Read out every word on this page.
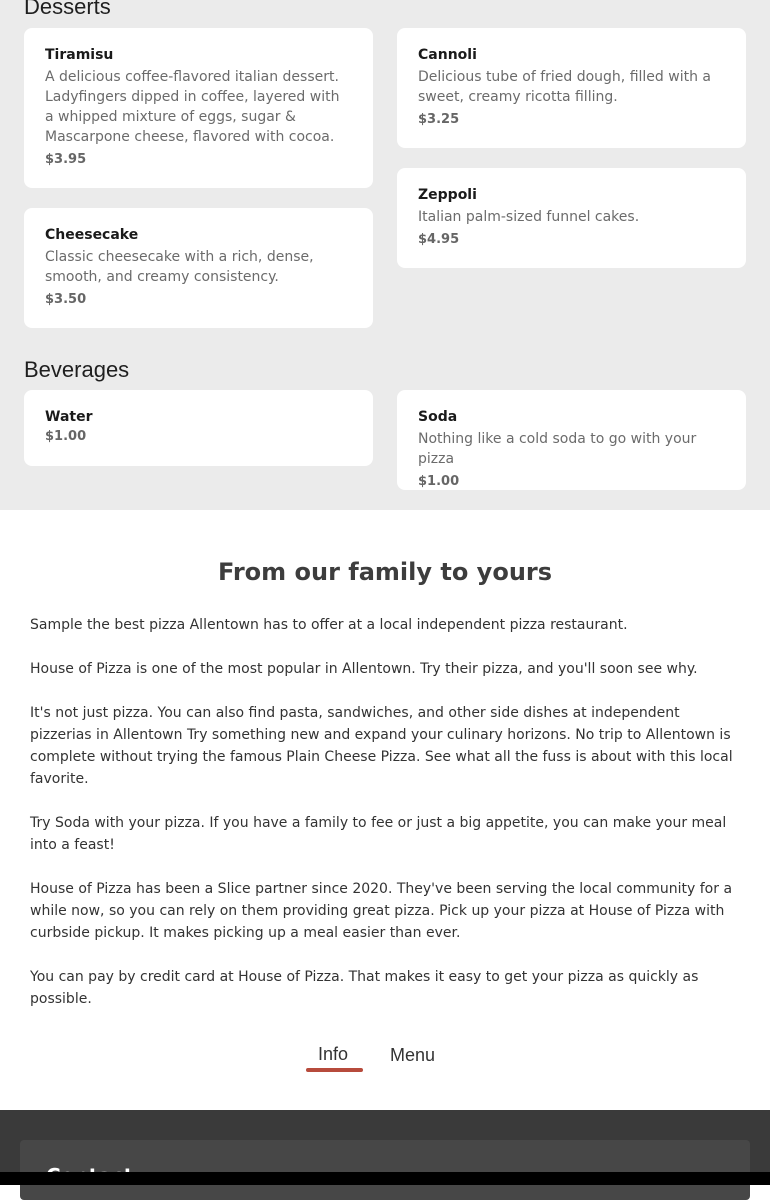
Desserts
Tiramisu
A delicious coffee-flavored italian dessert. Ladyfingers dipped in coffee, layered with a whipped mixture of eggs, sugar & Mascarpone cheese, flavored with cocoa.
$3.95
Cannoli
Delicious tube of fried dough, filled with a sweet, creamy ricotta filling.
$3.25
Zeppoli
Italian palm-sized funnel cakes.
$4.95
Cheesecake
Classic cheesecake with a rich, dense, smooth, and creamy consistency.
$3.50
Beverages
Water
$1.00
Soda
Nothing like a cold soda to go with your pizza
$1.00
From our family to yours

Sample the best pizza Allentown has to offer at a local independent pizza restaurant.

House of Pizza is one of the most popular in Allentown. Try their pizza, and you'll soon see why.

It's not just pizza. You can also find pasta, sandwiches, and other side dishes at independent pizzerias in Allentown Try something new and expand your culinary horizons. No trip to Allentown is complete without trying the famous Plain Cheese Pizza. See what all the fuss is about with this local favorite.

Try Soda with your pizza. If you have a family to fee or just a big appetite, you can make your meal into a feast!

House of Pizza has been a Slice partner since 2020. They've been serving the local community for a while now, so you can rely on them providing great pizza. Pick up your pizza at House of Pizza with curbside pickup. It makes picking up a meal easier than ever.

You can pay by credit card at House of Pizza. That makes it easy to get your pizza as quickly as possible.

Info Menu
